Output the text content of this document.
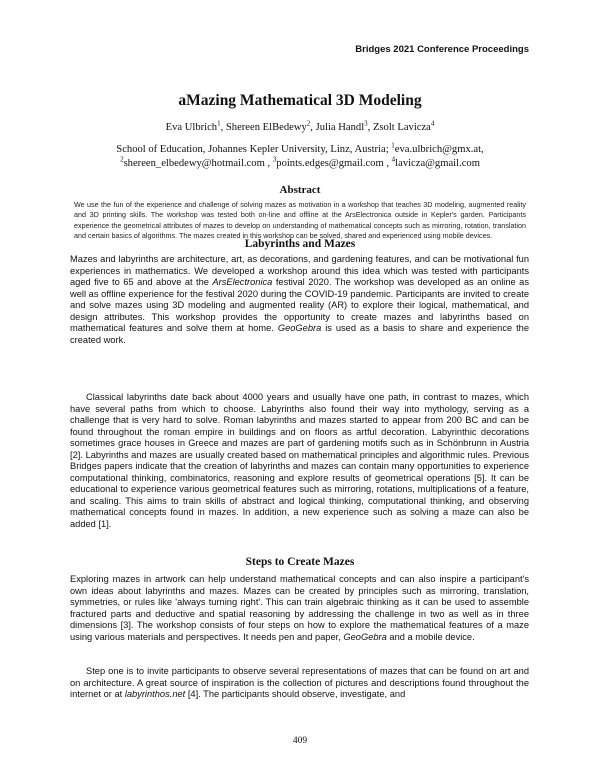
Bridges 2021 Conference Proceedings
aMazing Mathematical 3D Modeling
Eva Ulbrich$^1$, Shereen ElBedewy$^2$, Julia Handl$^3$, Zsolt Lavicza$^4$
School of Education, Johannes Kepler University, Linz, Austria; $^1$eva.ulbrich@gmx.at,
$^2$shereen_elbedewy@hotmail.com , $^3$points.edges@gmail.com , $^4$lavicza@gmail.com
Abstract
We use the fun of the experience and challenge of solving mazes as motivation in a workshop that teaches 3D modeling, augmented reality and 3D printing skills. The workshop was tested both on-line and offline at the ArsElectronica outside in Kepler's garden. Participants experience the geometrical attributes of mazes to develop on understanding of mathematical concepts such as mirroring, rotation, translation and certain basics of algorithms. The mazes created in this workshop can be solved, shared and experienced using mobile devices.
Labyrinths and Mazes

Mazes and labyrinths are architecture, art, as decorations, and gardening features, and can be motivational fun experiences in mathematics. We developed a workshop around this idea which was tested with participants aged five to 65 and above at the ArsElectronica festival 2020. The workshop was developed as an online as well as offline experience for the festival 2020 during the COVID-19 pandemic. Participants are invited to create and solve mazes using 3D modeling and augmented reality (AR) to explore their logical, mathematical, and design attributes. This workshop provides the opportunity to create mazes and labyrinths based on mathematical features and solve them at home. GeoGebra is used as a basis to share and experience the created work.

Classical labyrinths date back about 4000 years and usually have one path, in contrast to mazes, which have several paths from which to choose. Labyrinths also found their way into mythology, serving as a challenge that is very hard to solve. Roman labyrinths and mazes started to appear from 200 BC and can be found throughout the roman empire in buildings and on floors as artful decoration. Labyrinthic decorations sometimes grace houses in Greece and mazes are part of gardening motifs such as in Schönbrunn in Austria [2]. Labyrinths and mazes are usually created based on mathematical principles and algorithmic rules. Previous Bridges papers indicate that the creation of labyrinths and mazes can contain many opportunities to experience computational thinking, combinatorics, reasoning and explore results of geometrical operations [5]. It can be educational to experience various geometrical features such as mirroring, rotations, multiplications of a feature, and scaling. This aims to train skills of abstract and logical thinking, computational thinking, and observing mathematical concepts found in mazes. In addition, a new experience such as solving a maze can also be added [1].

Steps to Create Mazes

Exploring mazes in artwork can help understand mathematical concepts and can also inspire a participant's own ideas about labyrinths and mazes. Mazes can be created by principles such as mirroring, translation, symmetries, or rules like 'always turning right'. This can train algebraic thinking as it can be used to assemble fractured parts and deductive and spatial reasoning by addressing the challenge in two as well as in three dimensions [3]. The workshop consists of four steps on how to explore the mathematical features of a maze using various materials and perspectives. It needs pen and paper, GeoGebra and a mobile device.

Step one is to invite participants to observe several representations of mazes that can be found on art and on architecture. A great source of inspiration is the collection of pictures and descriptions found throughout the internet or at labyrinthos.net [4]. The participants should observe, investigate, and

409
